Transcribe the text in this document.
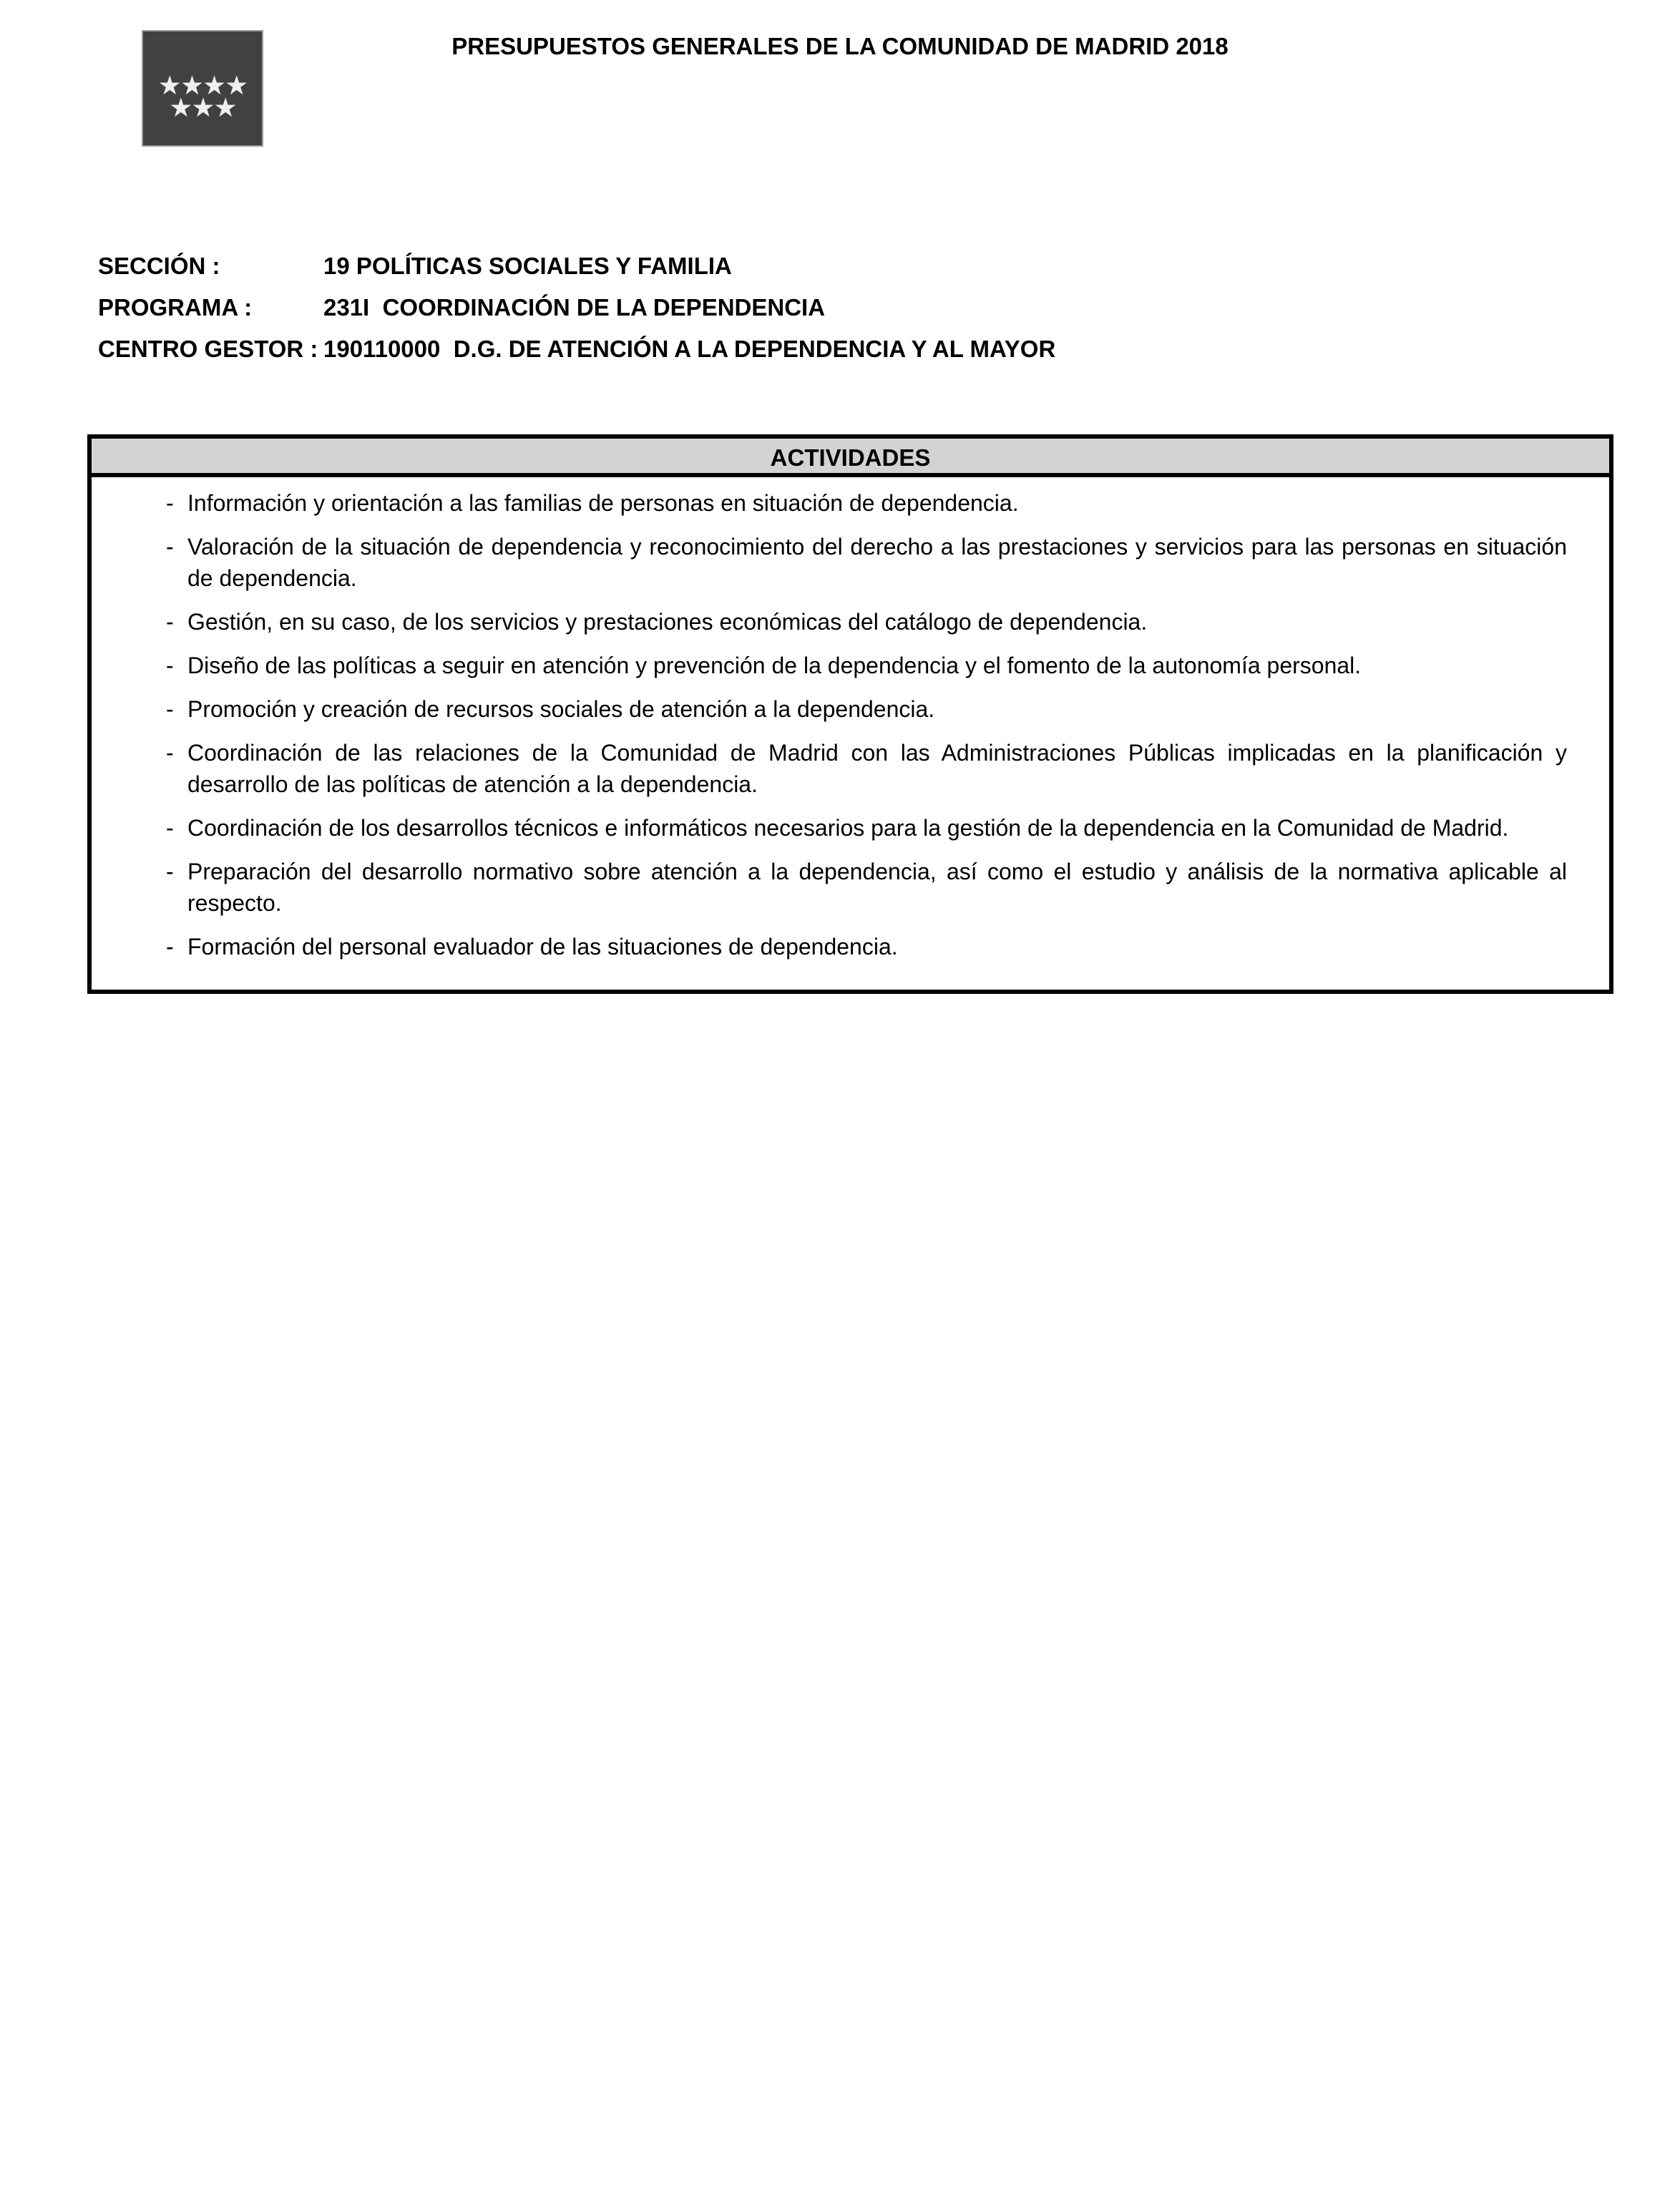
★★★★
★★★
PRESUPUESTOS GENERALES DE LA COMUNIDAD DE MADRID 2018
SECCIÓN :	19 POLÍTICAS SOCIALES Y FAMILIA
PROGRAMA :	231I  COORDINACIÓN DE LA DEPENDENCIA
CENTRO GESTOR : 190110000  D.G. DE ATENCIÓN A LA DEPENDENCIA Y AL MAYOR
ACTIVIDADES
- Información y orientación a las familias de personas en situación de dependencia.
- Valoración de la situación de dependencia y reconocimiento del derecho a las prestaciones y servicios para las personas en situación de dependencia.
- Gestión, en su caso, de los servicios y prestaciones económicas del catálogo de dependencia.
- Diseño de las políticas a seguir en atención y prevención de la dependencia y el fomento de la autonomía personal.
- Promoción y creación de recursos sociales de atención a la dependencia.
- Coordinación de las relaciones de la Comunidad de Madrid con las Administraciones Públicas implicadas en la planificación y desarrollo de las políticas de atención a la dependencia.
- Coordinación de los desarrollos técnicos e informáticos necesarios para la gestión de la dependencia en la Comunidad de Madrid.
- Preparación del desarrollo normativo sobre atención a la dependencia, así como el estudio y análisis de la normativa aplicable al respecto.
- Formación del personal evaluador de las situaciones de dependencia.
